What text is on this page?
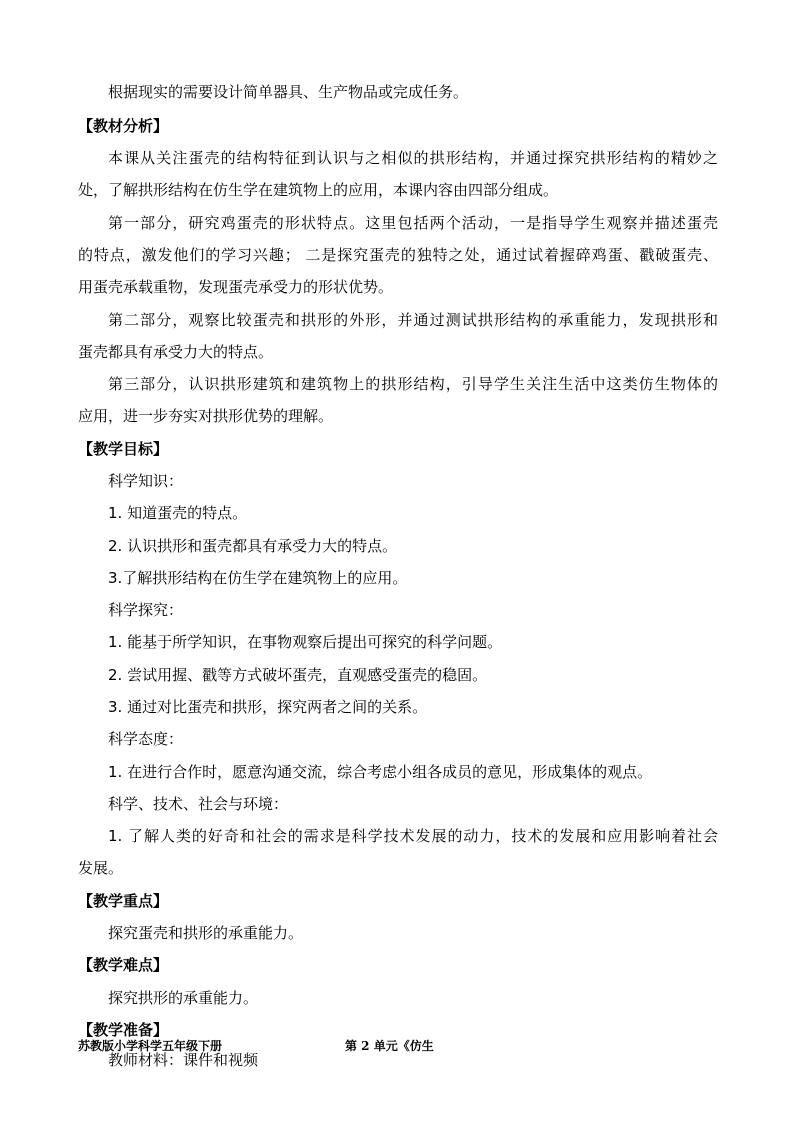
根据现实的需要设计简单器具、生产物品或完成任务。
【教材分析】
本课从关注蛋壳的结构特征到认识与之相似的拱形结构，并通过探究拱形结构的精妙之
处，了解拱形结构在仿生学在建筑物上的应用，本课内容由四部分组成。
第一部分，研究鸡蛋壳的形状特点。这里包括两个活动，一是指导学生观察并描述蛋壳
的特点，激发他们的学习兴趣； 二是探究蛋壳的独特之处，通过试着握碎鸡蛋、戳破蛋壳、
用蛋壳承载重物，发现蛋壳承受力的形状优势。
第二部分，观察比较蛋壳和拱形的外形，并通过测试拱形结构的承重能力，发现拱形和
蛋壳都具有承受力大的特点。
第三部分，认识拱形建筑和建筑物上的拱形结构，引导学生关注生活中这类仿生物体的
应用，进一步夯实对拱形优势的理解。
【教学目标】
科学知识：
1. 知道蛋壳的特点。
2. 认识拱形和蛋壳都具有承受力大的特点。
3.了解拱形结构在仿生学在建筑物上的应用。
科学探究：
1. 能基于所学知识，在事物观察后提出可探究的科学问题。
2. 尝试用握、戳等方式破坏蛋壳，直观感受蛋壳的稳固。
3. 通过对比蛋壳和拱形，探究两者之间的关系。
科学态度：
1. 在进行合作时，愿意沟通交流，综合考虑小组各成员的意见，形成集体的观点。
科学、技术、社会与环境：
1. 了解人类的好奇和社会的需求是科学技术发展的动力，技术的发展和应用影响着社会
发展。
【教学重点】
探究蛋壳和拱形的承重能力。
【教学难点】
探究拱形的承重能力。
【教学准备】
教师材料：课件和视频
苏教版小学科学五年级下册	第 2 单元《仿生
